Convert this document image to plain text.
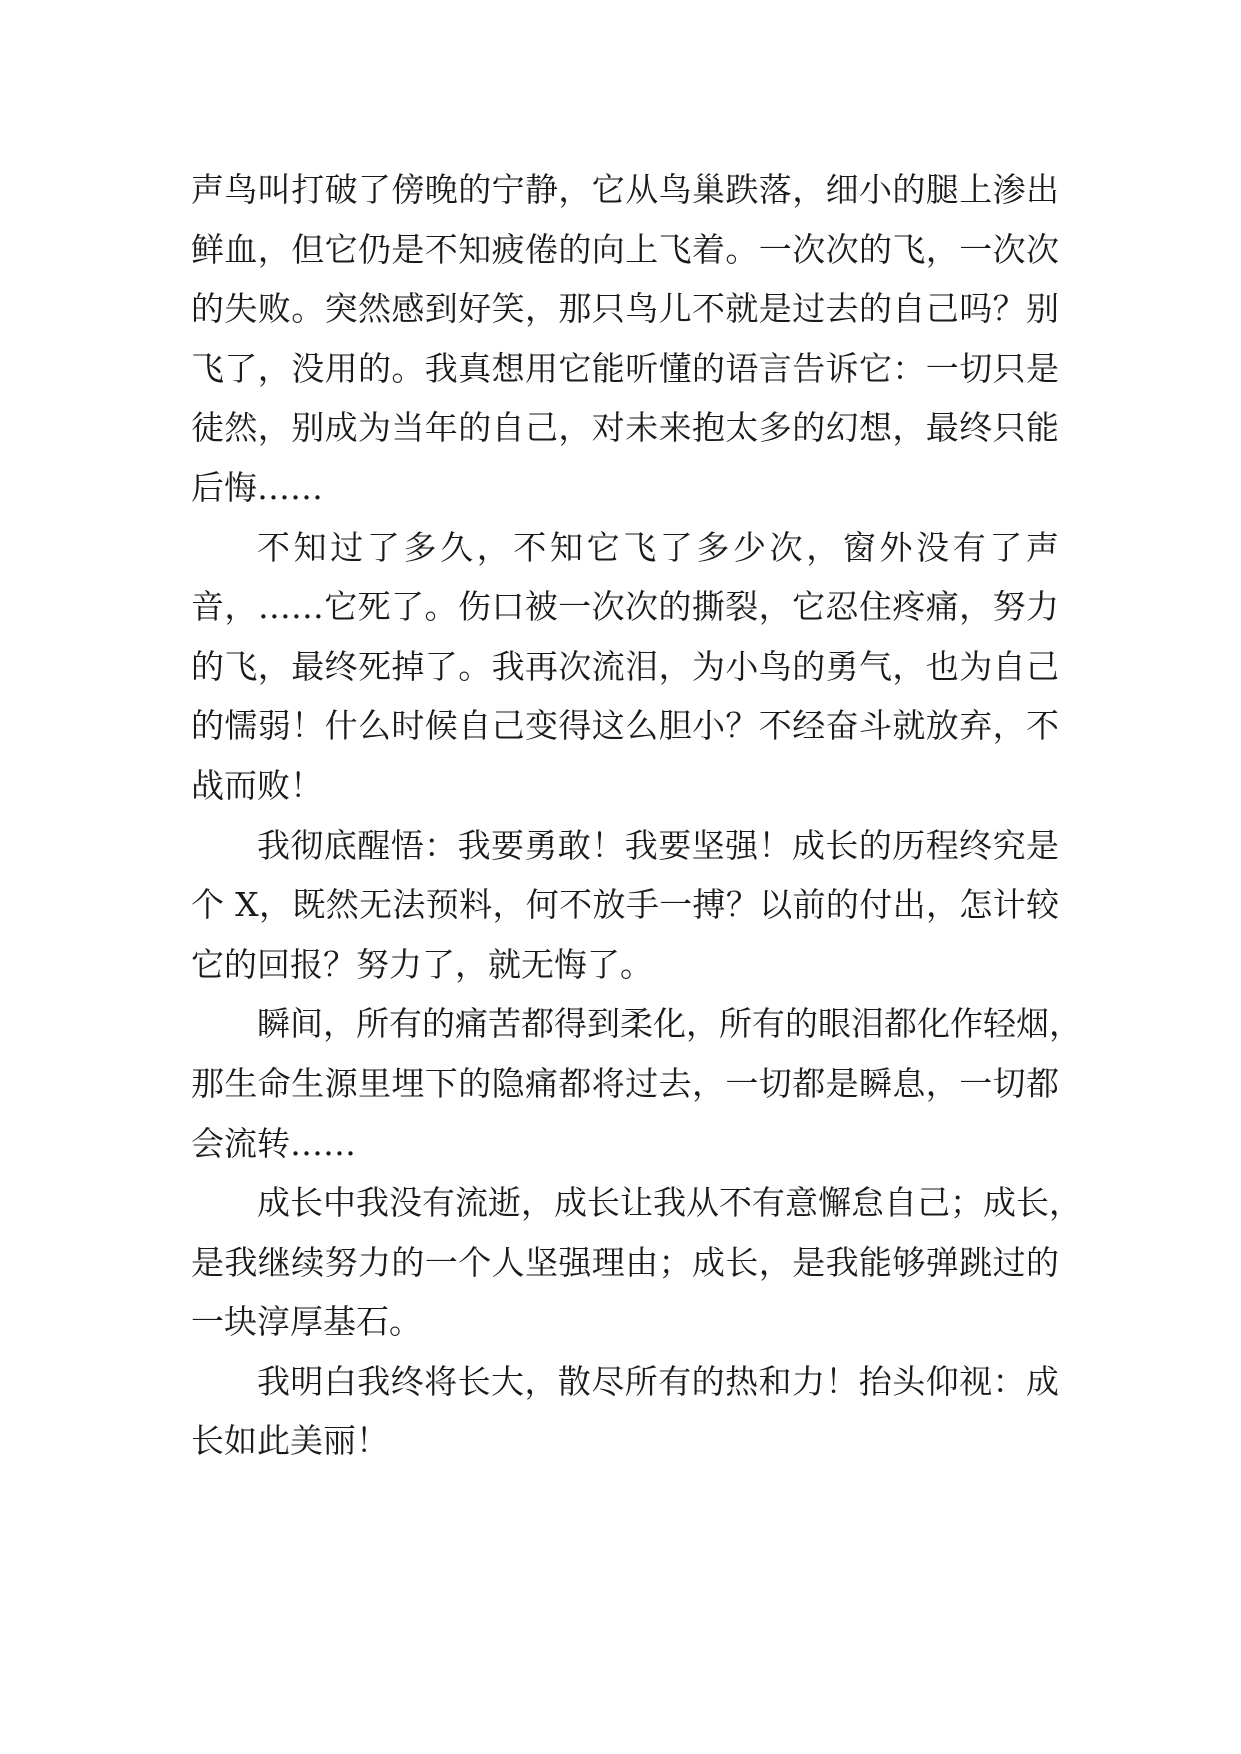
声鸟叫打破了傍晚的宁静，它从鸟巢跌落，细小的腿上渗出
鲜血，但它仍是不知疲倦的向上飞着。一次次的飞，一次次
的失败。突然感到好笑，那只鸟儿不就是过去的自己吗？别
飞了，没用的。我真想用它能听懂的语言告诉它：一切只是
徒然，别成为当年的自己，对未来抱太多的幻想，最终只能
后悔……
不知过了多久，不知它飞了多少次，窗外没有了声
音，……它死了。伤口被一次次的撕裂，它忍住疼痛，努力
的飞，最终死掉了。我再次流泪，为小鸟的勇气，也为自己
的懦弱！什么时候自己变得这么胆小？不经奋斗就放弃，不
战而败！
我彻底醒悟：我要勇敢！我要坚强！成长的历程终究是
个 X，既然无法预料，何不放手一搏？以前的付出，怎计较
它的回报？努力了，就无悔了。
瞬间，所有的痛苦都得到柔化，所有的眼泪都化作轻烟，
那生命生源里埋下的隐痛都将过去，一切都是瞬息，一切都
会流转……
成长中我没有流逝，成长让我从不有意懈怠自己；成长，
是我继续努力的一个人坚强理由；成长，是我能够弹跳过的
一块淳厚基石。
我明白我终将长大，散尽所有的热和力！抬头仰视：成
长如此美丽！
